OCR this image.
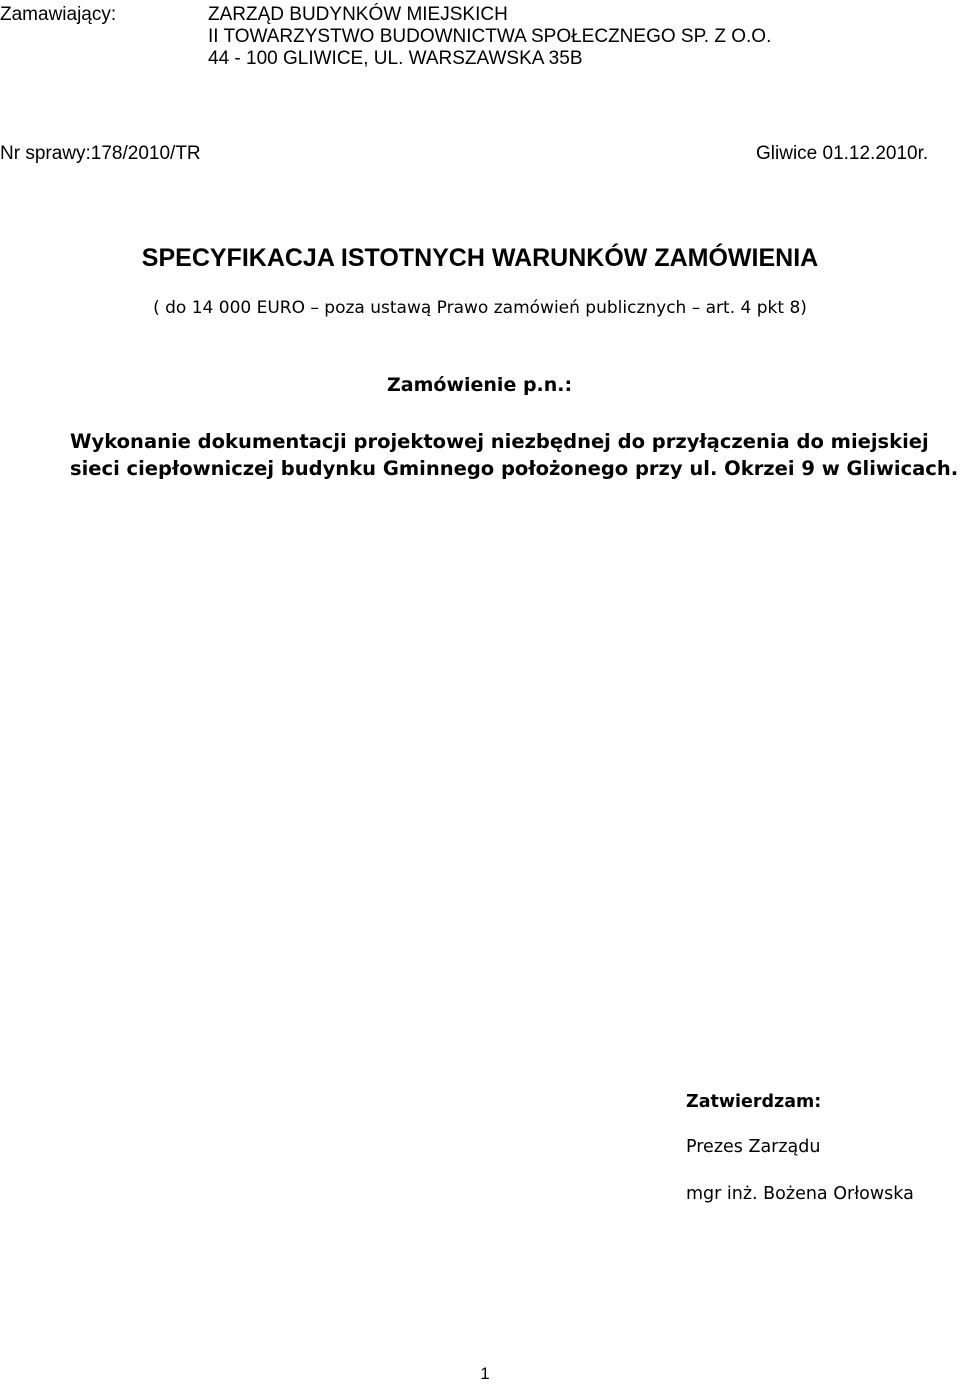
Zamawiający:	ZARZĄD BUDYNKÓW MIEJSKICH
II TOWARZYSTWO BUDOWNICTWA SPOŁECZNEGO SP. Z O.O.
44 - 100 GLIWICE, UL. WARSZAWSKA 35B
Nr sprawy:178/2010/TR	Gliwice 01.12.2010r.
SPECYFIKACJA ISTOTNYCH WARUNKÓW ZAMÓWIENIA
( do 14 000 EURO – poza ustawą Prawo zamówień publicznych – art. 4 pkt 8)
Zamówienie p.n.:
Wykonanie dokumentacji projektowej niezbędnej do przyłączenia do miejskiej sieci ciepłowniczej budynku Gminnego położonego przy ul. Okrzei 9 w Gliwicach.
Zatwierdzam:
Prezes Zarządu
mgr inż. Bożena Orłowska
1
